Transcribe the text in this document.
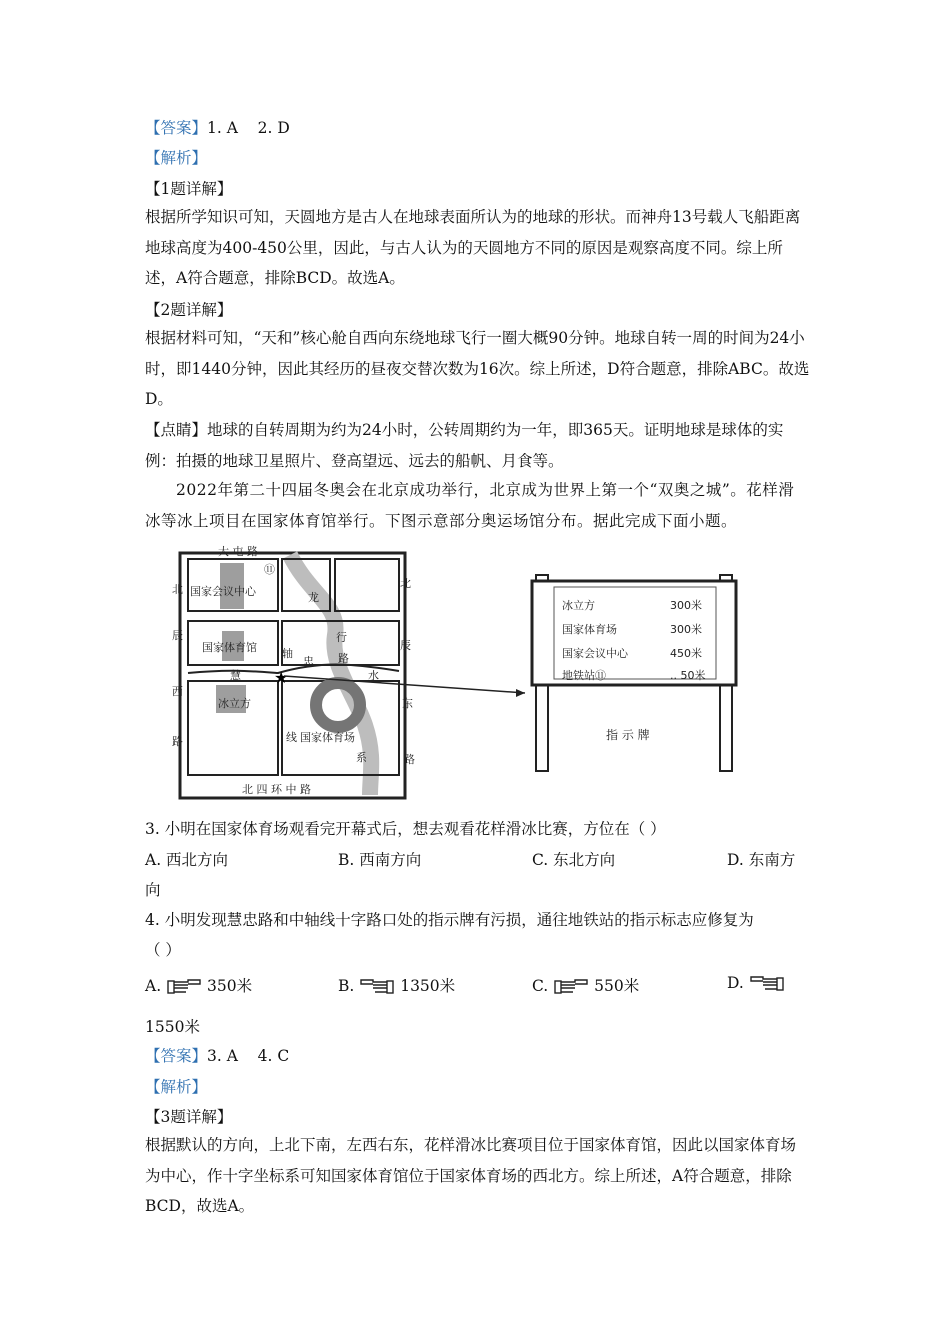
【答案】1. A    2. D
【解析】
【1题详解】
根据所学知识可知，天圆地方是古人在地球表面所认为的地球的形状。而神舟13号载人飞船距离地球高度为400-450公里，因此，与古人认为的天圆地方不同的原因是观察高度不同。综上所述，A符合题意，排除BCD。故选A。
【2题详解】
根据材料可知，“天和”核心舱自西向东绕地球飞行一圈大概90分钟。地球自转一周的时间为24小时，即1440分钟，因此其经历的昼夜交替次数为16次。综上所述，D符合题意，排除ABC。故选D。
【点睛】地球的自转周期为约为24小时，公转周期约为一年，即365天。证明地球是球体的实例：拍摄的地球卫星照片、登高望远、远去的船帆、月食等。
2022年第二十四届冬奥会在北京成功举行，北京成为世界上第一个“双奥之城”。花样滑冰等冰上项目在国家体育馆举行。下图示意部分奥运场馆分布。据此完成下面小题。
★
大 屯 路
北
辰
西
路
北
辰
东
路
北 四 环 中 路
慧
忠 路
轴
线
龙
行
水
系
⑪
国家会议中心
国家体育馆
冰立方
国家体育场
冰立方	300米
国家体育场	300米
国家会议中心	450米
地铁站⑪	.. 50米
指 示 牌
3. 小明在国家体育场观看完开幕式后，想去观看花样滑冰比赛，方位在（ ）
A. 西北方向	B. 西南方向	C. 东北方向	D. 东南方
向
4. 小明发现慧忠路和中轴线十字路口处的指示牌有污损，通往地铁站的指示标志应修复为
（ ）
A.	350米	B.	1350米	C.	550米	D.
1550米
【答案】3. A    4. C
【解析】
【3题详解】
根据默认的方向，上北下南，左西右东，花样滑冰比赛项目位于国家体育馆，因此以国家体育场为中心，作十字坐标系可知国家体育馆位于国家体育场的西北方。综上所述，A符合题意，排除BCD，故选A。
